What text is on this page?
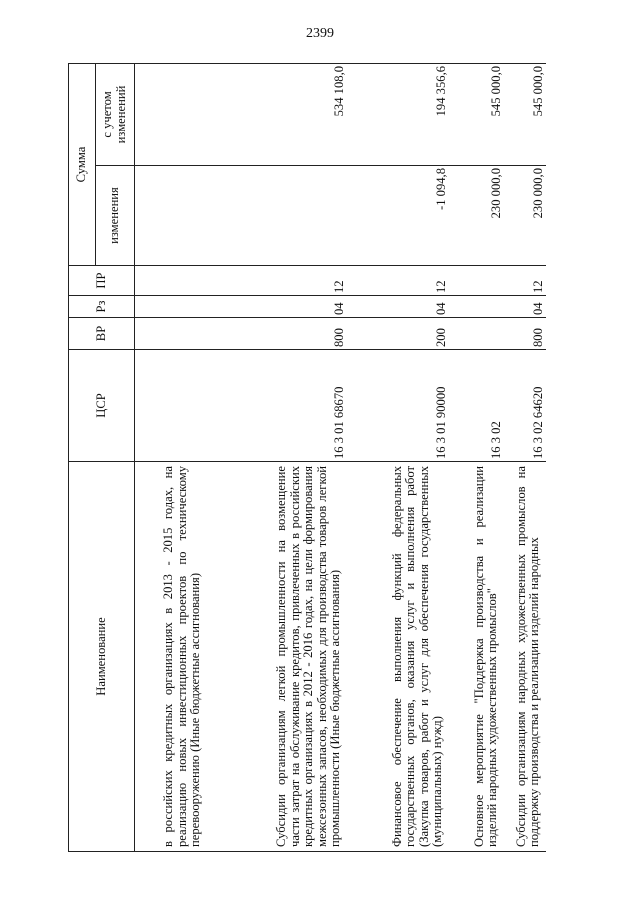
2399
Наименование	ЦСР	ВР	Рз	ПР	Сумма	
					изменения	с учетом изменений

в российских кредитных организациях в 2013 - 2015 годах, на реализацию новых инвестиционных проектов по техническому перевооружению (Иные бюджетные ассигнования)						

Субсидии организациям легкой промышленности на возмещение части затрат на обслуживание кредитов, привлеченных в российских кредитных организациях в 2012 - 2016 годах, на цели формирования межсезонных запасов, необходимых для производства товаров легкой промышленности (Иные бюджетные ассигнования)	16 3 01 68670	800	04	12		534 108,0

Финансовое обеспечение выполнения функций федеральных государственных органов, оказания услуг и выполнения работ (Закупка товаров, работ и услуг для обеспечения государственных (муниципальных) нужд)	16 3 01 90000	200	04	12	-1 094,8	194 356,6

Основное мероприятие "Поддержка производства и реализации изделий народных художественных промыслов"	16 3 02				230 000,0	545 000,0

Субсидии организациям народных художественных промыслов на поддержку производства и реализации изделий народных	16 3 02 64620	800	04	12	230 000,0	545 000,0
